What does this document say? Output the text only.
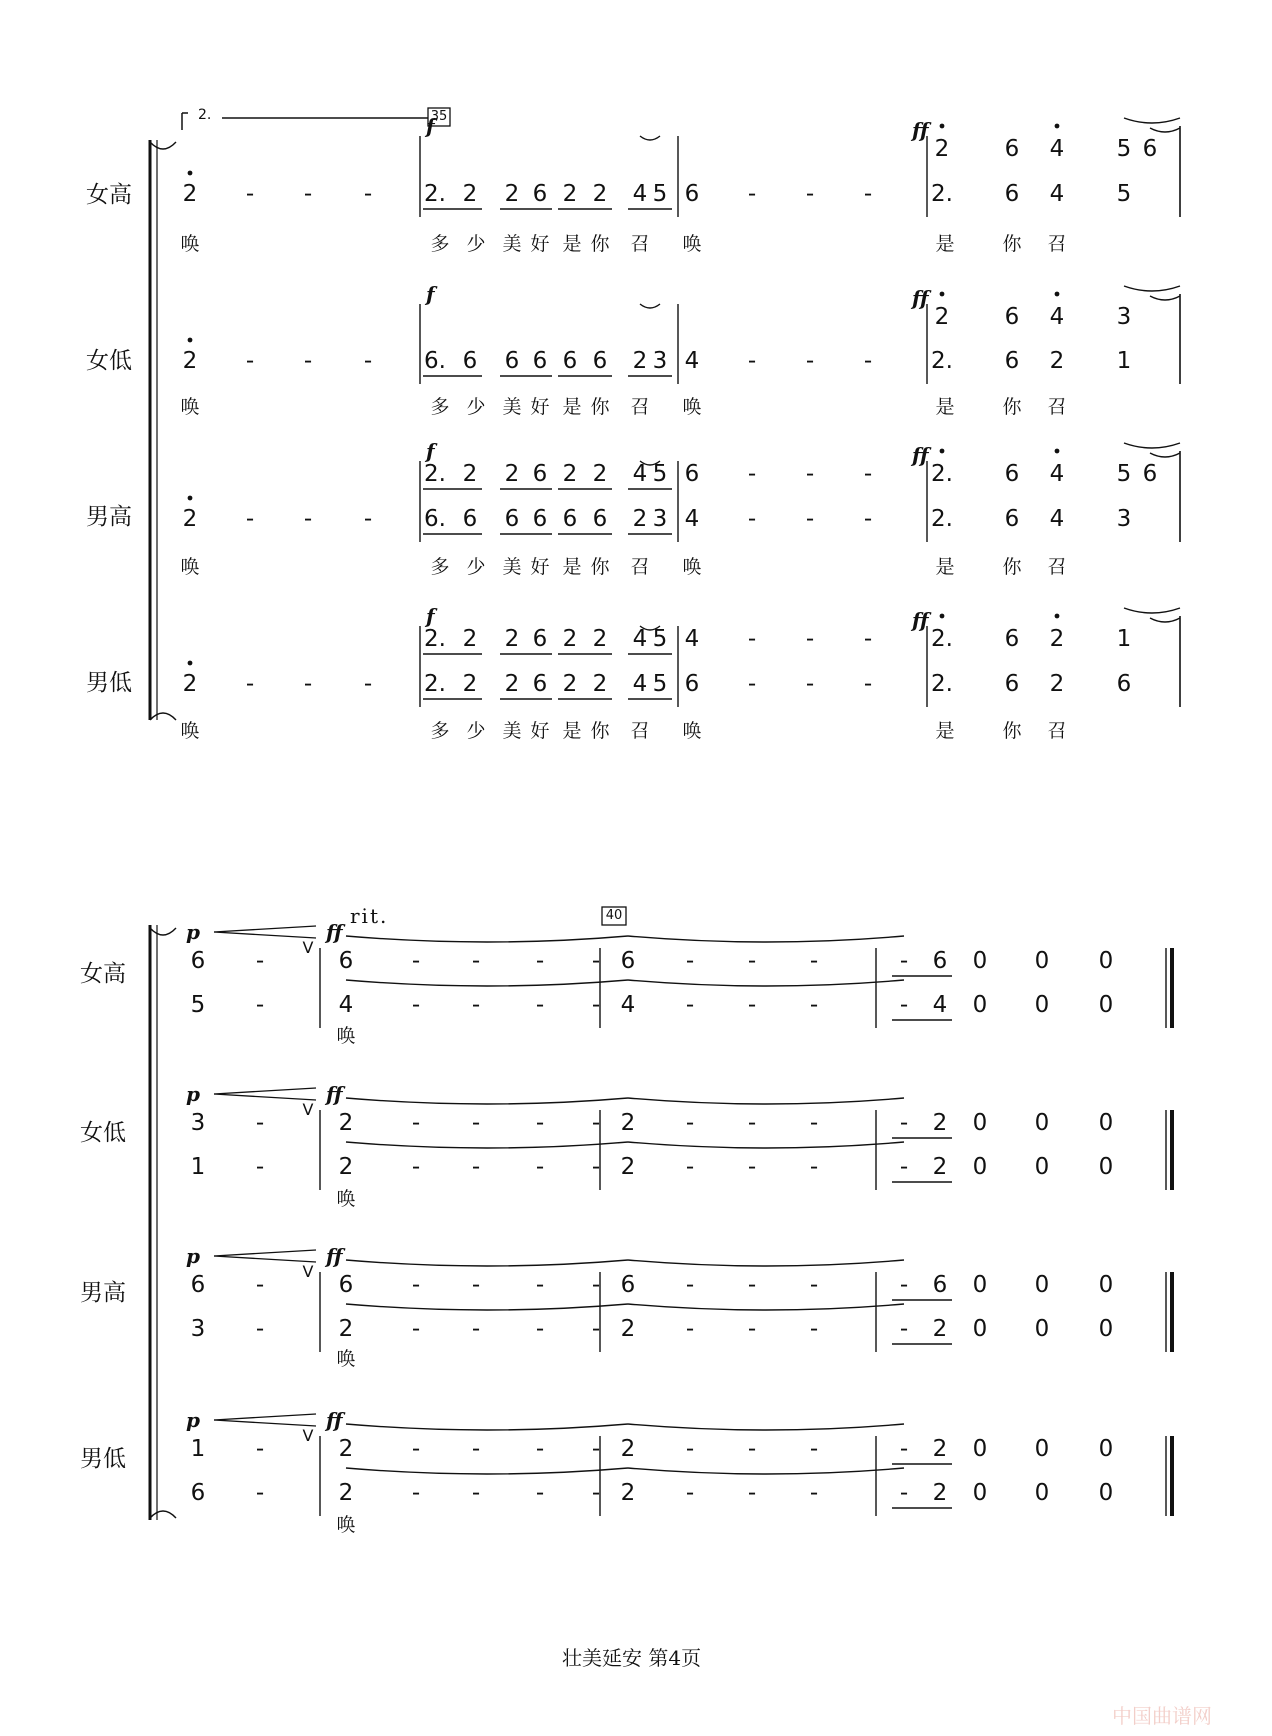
2.	35
女高
f	ff
2 6 4 5 6
2 - - - 2. 2 2 6 2 2 4 5 6 - - -	2. 6 4 5
唤	多 少 美 好 是 你 召 唤	是	你 召
女低
f	ff
2 6 4 3
2 - - - 6. 6 6 6 6 6 2 3 4 - - -	2. 6 2 1
唤	多 少 美 好 是 你 召 唤	是	你 召
男高
f	ff
2. 2 2 6 2 2 4 5 6 - - -	2. 6 4 5 6
2 - - - 6. 6 6 6 6 6 2 3 4 - - -	2. 6 4 3
唤	多 少 美 好 是 你 召 唤	是	你 召
男低
f	ff
2. 2 2 6 2 2 4 5 4 - - -	2. 6 2 1
2 - - - 2. 2 2 6 2 2 4 5 6 - - -	2. 6 2 6
唤	多 少 美 好 是 你 召 唤	是	你 召
rit.	40
女高
p	ff
V
6 -	6	- - - - 6 - - -	- 6 0 0 0
5 -	4	- - - - 4 - - -	- 4 0 0 0
唤
女低
p	ff
V
3 -	2	- - - - 2 - - -	- 2 0 0 0
1 -	2	- - - - 2 - - -	- 2 0 0 0
唤
男高
p	ff
V
6 -	6	- - - - 6 - - -	- 6 0 0 0
3 -	2	- - - - 2 - - -	- 2 0 0 0
唤
男低
p	ff
V
1 -	2	- - - - 2 - - -	- 2 0 0 0
6 -	2	- - - - 2 - - -	- 2 0 0 0
唤
壮美延安 第4页
中国曲谱网
